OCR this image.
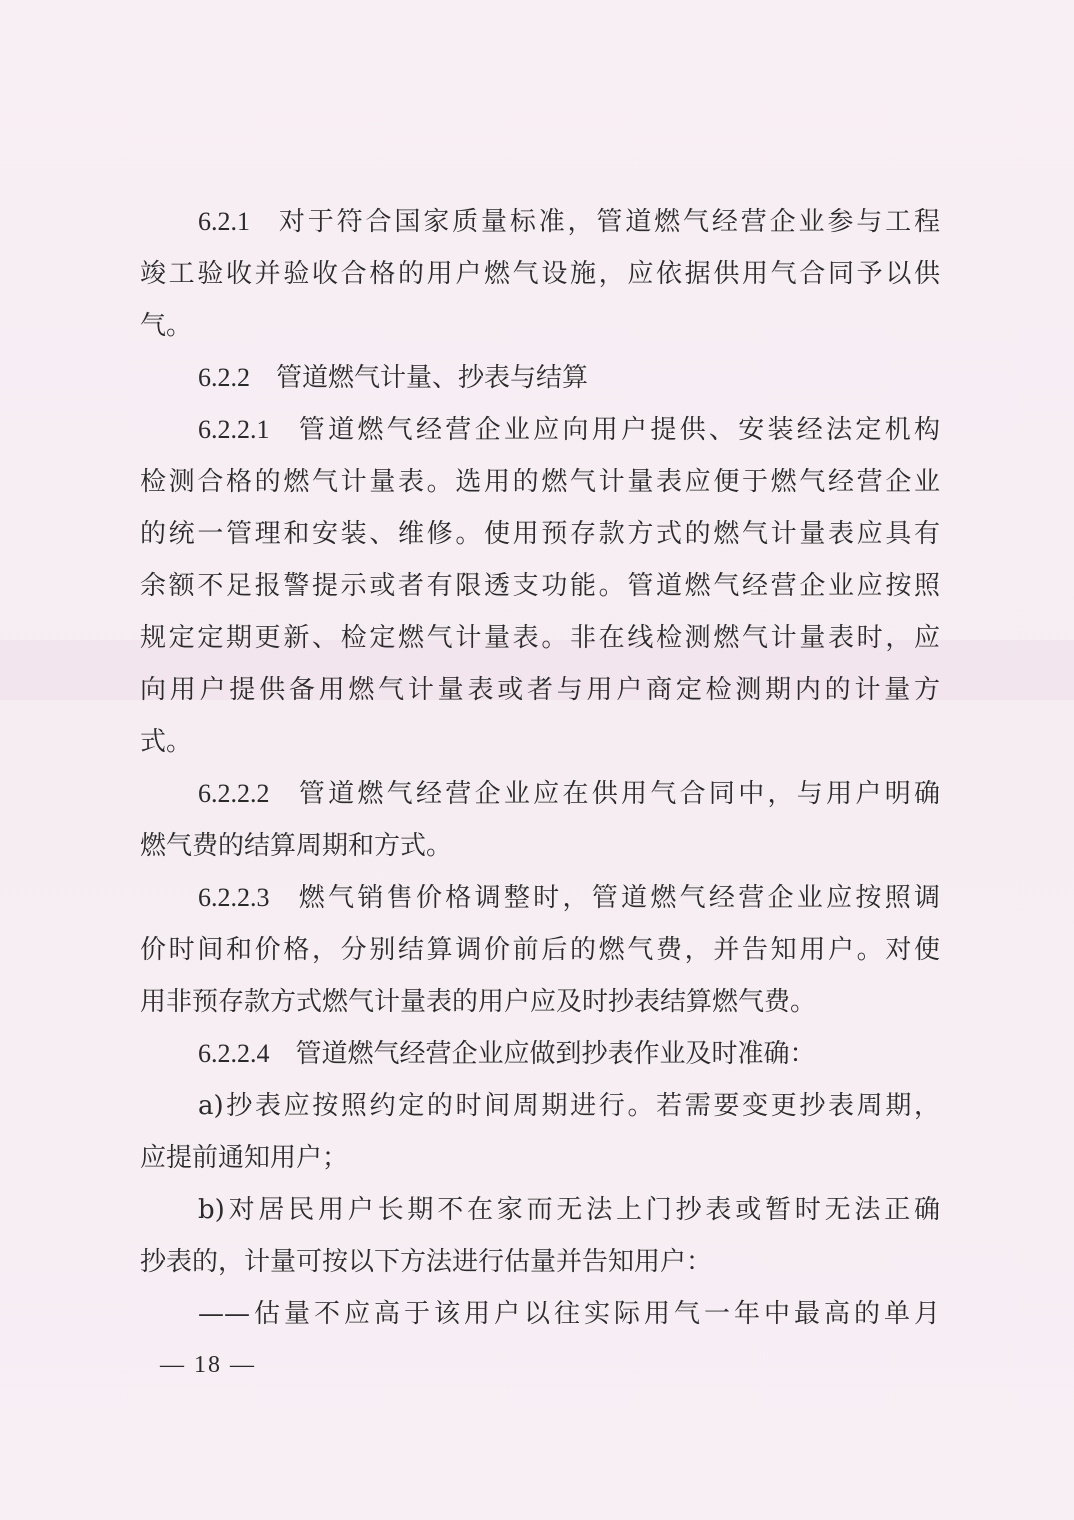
6.2.1 对于符合国家质量标准，管道燃气经营企业参与工程
竣工验收并验收合格的用户燃气设施，应依据供用气合同予以供
气。
6.2.2 管道燃气计量、抄表与结算
6.2.2.1 管道燃气经营企业应向用户提供、安装经法定机构
检测合格的燃气计量表。选用的燃气计量表应便于燃气经营企业
的统一管理和安装、维修。使用预存款方式的燃气计量表应具有
余额不足报警提示或者有限透支功能。管道燃气经营企业应按照
规定定期更新、检定燃气计量表。非在线检测燃气计量表时，应
向用户提供备用燃气计量表或者与用户商定检测期内的计量方
式。
6.2.2.2 管道燃气经营企业应在供用气合同中，与用户明确
燃气费的结算周期和方式。
6.2.2.3 燃气销售价格调整时，管道燃气经营企业应按照调
价时间和价格，分别结算调价前后的燃气费，并告知用户。对使
用非预存款方式燃气计量表的用户应及时抄表结算燃气费。
6.2.2.4 管道燃气经营企业应做到抄表作业及时准确：
a)抄表应按照约定的时间周期进行。若需要变更抄表周期，
应提前通知用户；
b)对居民用户长期不在家而无法上门抄表或暂时无法正确
抄表的，计量可按以下方法进行估量并告知用户：
——估量不应高于该用户以往实际用气一年中最高的单月
— 18 —
